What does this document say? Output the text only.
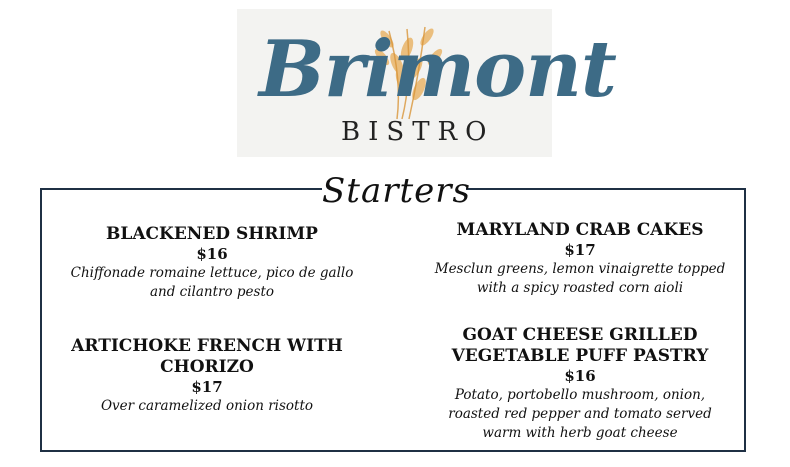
Brimont
BISTRO
Starters
BLACKENED SHRIMP
$16
Chiffonade romaine lettuce, pico de gallo and cilantro pesto
MARYLAND CRAB CAKES
$17
Mesclun greens, lemon vinaigrette topped with a spicy roasted corn aioli
ARTICHOKE FRENCH WITH CHORIZO
$17
Over caramelized onion risotto
GOAT CHEESE GRILLED VEGETABLE PUFF PASTRY
$16
Potato, portobello mushroom, onion, roasted red pepper and tomato served warm with herb goat cheese
